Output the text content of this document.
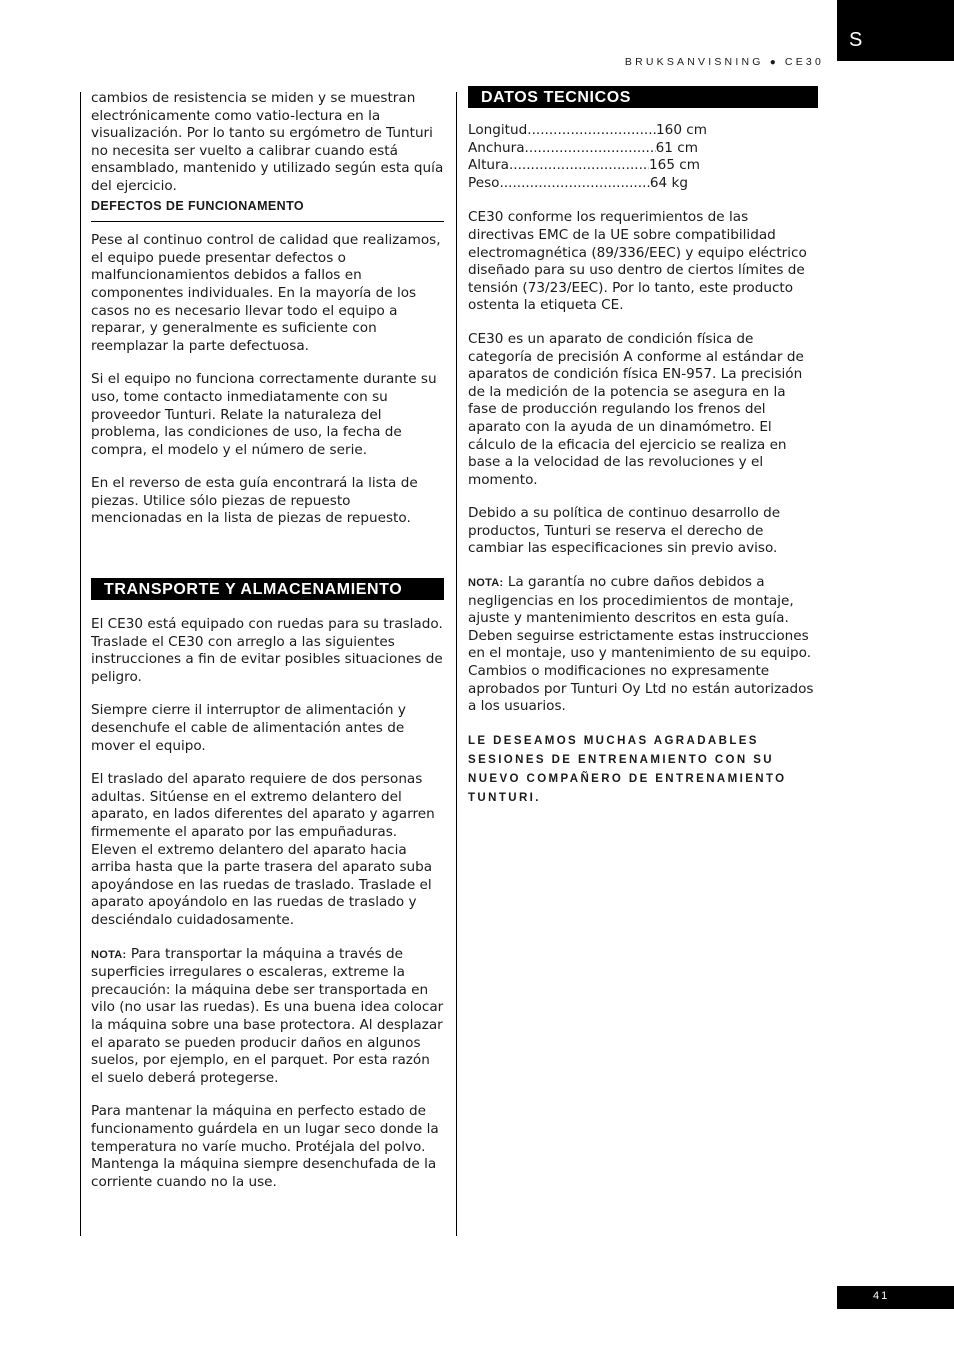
S
BRUKSANVISNING ● CE30

cambios de resistencia se miden y se muestran electrónicamente como vatio-lectura en la visualización. Por lo tanto su ergómetro de Tunturi no necesita ser vuelto a calibrar cuando está ensamblado, mantenido y utilizado según esta quía del ejercicio.

DEFECTOS DE FUNCIONAMENTO

Pese al continuo control de calidad que realizamos, el equipo puede presentar defectos o malfuncionamientos debidos a fallos en componentes individuales. En la mayoría de los casos no es necesario llevar todo el equipo a reparar, y generalmente es suficiente con reemplazar la parte defectuosa.

Si el equipo no funciona correctamente durante su uso, tome contacto inmediatamente con su proveedor Tunturi. Relate la naturaleza del problema, las condiciones de uso, la fecha de compra, el modelo y el número de serie.

En el reverso de esta guía encontrará la lista de piezas. Utilice sólo piezas de repuesto mencionadas en la lista de piezas de repuesto.

TRANSPORTE Y ALMACENAMIENTO

El CE30 está equipado con ruedas para su traslado. Traslade el CE30 con arreglo a las siguientes instrucciones a fin de evitar posibles situaciones de peligro.

Siempre cierre il interruptor de alimentación y desenchufe el cable de alimentación antes de mover el equipo.

El traslado del aparato requiere de dos personas adultas. Sitúense en el extremo delantero del aparato, en lados diferentes del aparato y agarren firmemente el aparato por las empuñaduras. Eleven el extremo delantero del aparato hacia arriba hasta que la parte trasera del aparato suba apoyándose en las ruedas de traslado. Traslade el aparato apoyándolo en las ruedas de traslado y desciéndalo cuidadosamente.

NOTA: Para transportar la máquina a través de superficies irregulares o escaleras, extreme la precaución: la máquina debe ser transportada en vilo (no usar las ruedas). Es una buena idea colocar la máquina sobre una base protectora. Al desplazar el aparato se pueden producir daños en algunos suelos, por ejemplo, en el parquet. Por esta razón el suelo deberá protegerse.

Para mantenar la máquina en perfecto estado de funcionamento guárdela en un lugar seco donde la temperatura no varíe mucho. Protéjala del polvo. Mantenga la máquina siempre desenchufada de la corriente cuando no la use.

DATOS TECNICOS
Longitud .....	160 cm
Anchura .....	61 cm
Altura .....	165 cm
Peso .....	64 kg

CE30 conforme los requerimientos de las directivas EMC de la UE sobre compatibilidad electromagnética (89/336/EEC) y equipo eléctrico diseñado para su uso dentro de ciertos límites de tensión (73/23/EEC). Por lo tanto, este producto ostenta la etiqueta CE.

CE30 es un aparato de condición física de categoría de precisión A conforme al estándar de aparatos de condición física EN-957. La precisión de la medición de la potencia se asegura en la fase de producción regulando los frenos del aparato con la ayuda de un dinamómetro. El cálculo de la eficacia del ejercicio se realiza en base a la velocidad de las revoluciones y el momento.

Debido a su política de continuo desarrollo de productos, Tunturi se reserva el derecho de cambiar las especificaciones sin previo aviso.

NOTA: La garantía no cubre daños debidos a negligencias en los procedimientos de montaje, ajuste y mantenimiento descritos en esta guía. Deben seguirse estrictamente estas instrucciones en el montaje, uso y mantenimiento de su equipo. Cambios o modificaciones no expresamente aprobados por Tunturi Oy Ltd no están autorizados a los usuarios.

LE DESEAMOS MUCHAS AGRADABLES SESIONES DE ENTRENAMIENTO CON SU NUEVO COMPAÑERO DE ENTRENAMIENTO TUNTURI.
41
